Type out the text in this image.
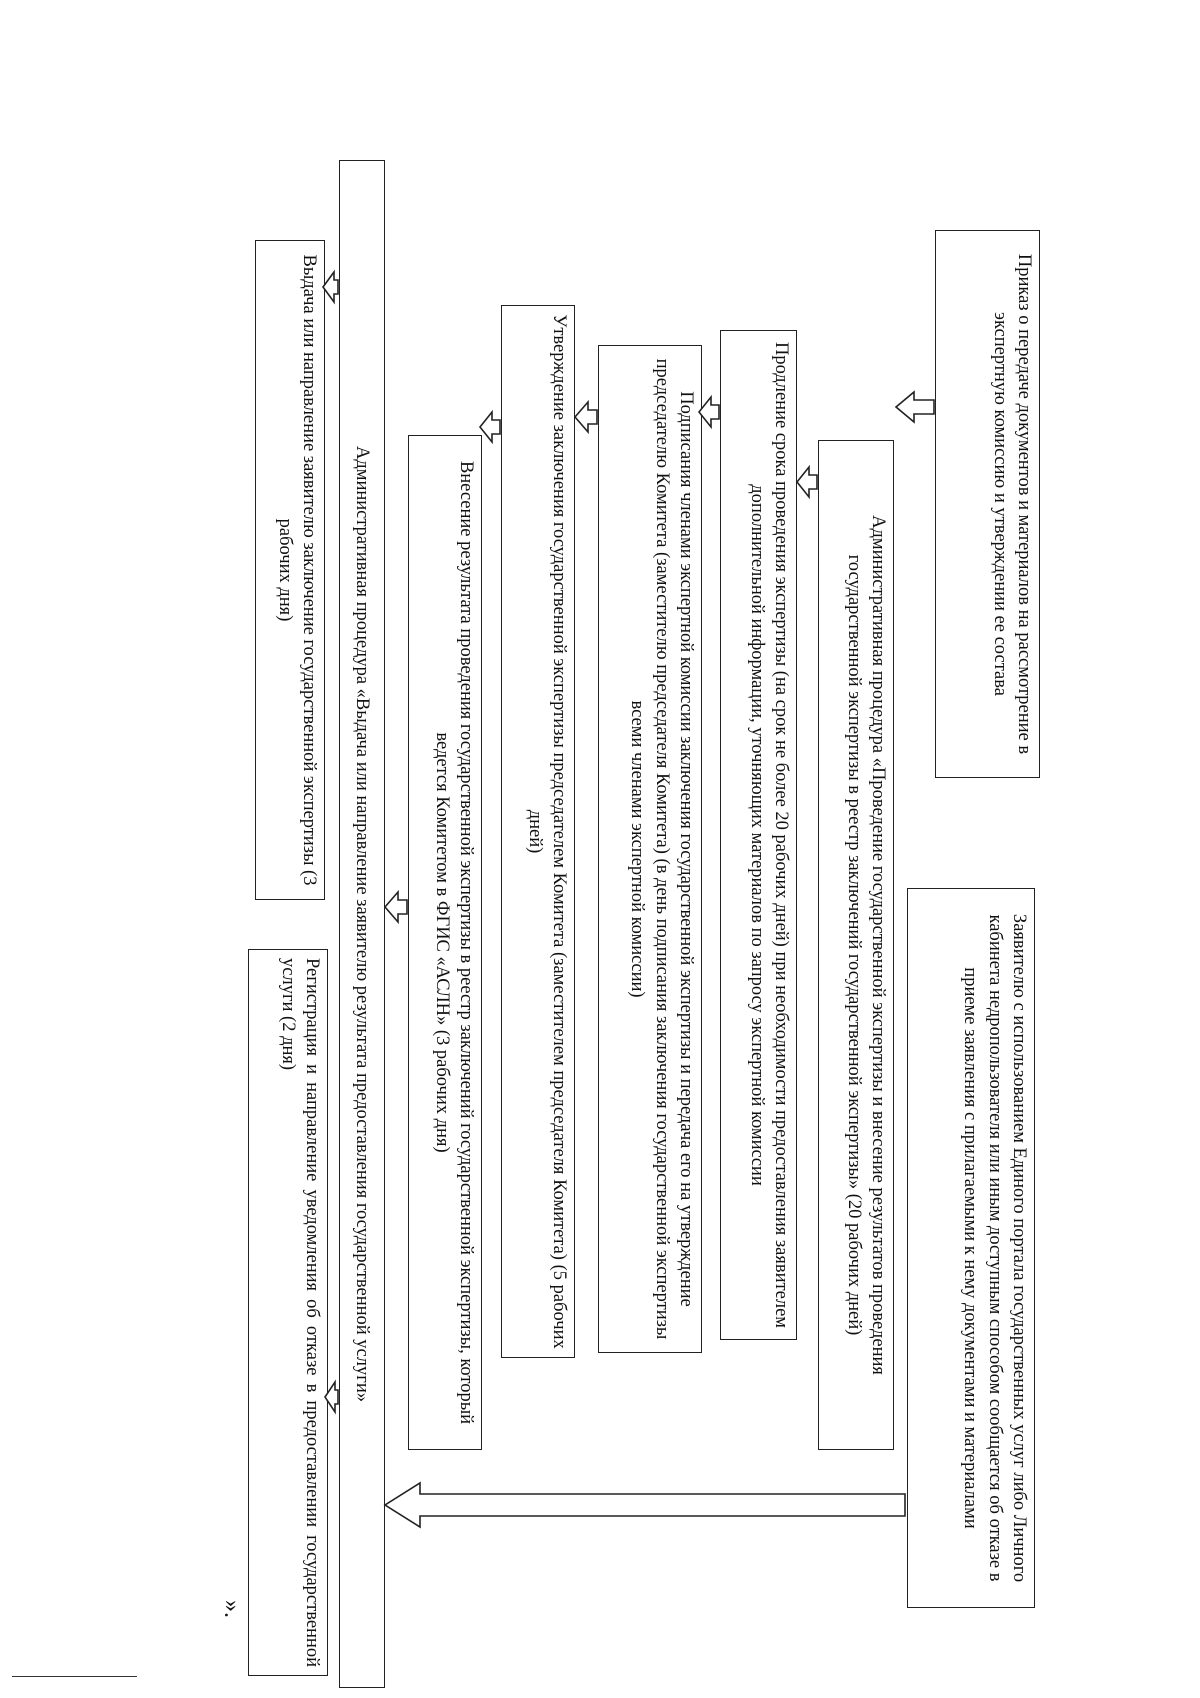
Приказ о передаче документов и материалов на рассмотрение в экспертную комиссию и утверждении ее состава
Заявителю с использованием Единого портала государственных услуг либо Личного кабинета недропользователя или иным доступным способом сообщается об отказе в приеме заявления с прилагаемыми к нему документами и материалами
Административная процедура «Проведение государственной экспертизы и внесение результатов проведения государственной экспертизы в реестр заключений государственной экспертизы» (20 рабочих дней)
Продление срока проведения экспертизы (на срок не более 20 рабочих дней) при необходимости предоставления заявителем дополнительной информации, уточняющих материалов по запросу экспертной комиссии
Подписания членами экспертной комиссии заключения государственной экспертизы и передача его на утверждение председателю Комитета (заместителю председателя Комитета) (в день подписания заключения государственной экспертизы всеми членами экспертной комиссии)
Утверждение заключения государственной экспертизы председателем Комитета (заместителем председателя Комитета) (5 рабочих дней)
Внесение результата проведения государственной экспертизы в реестр заключений государственной экспертизы, который ведется Комитетом в ФГИС «АСЛН» (3 рабочих дня)
Административная процедура «Выдача или направление заявителю результата предоставления государственной услуги»
Выдача или направление заявителю заключение государственной экспертизы (3 рабочих дня)
Регистрация и направление уведомления об отказе в предоставлении государственной услуги (2 дня)
».
